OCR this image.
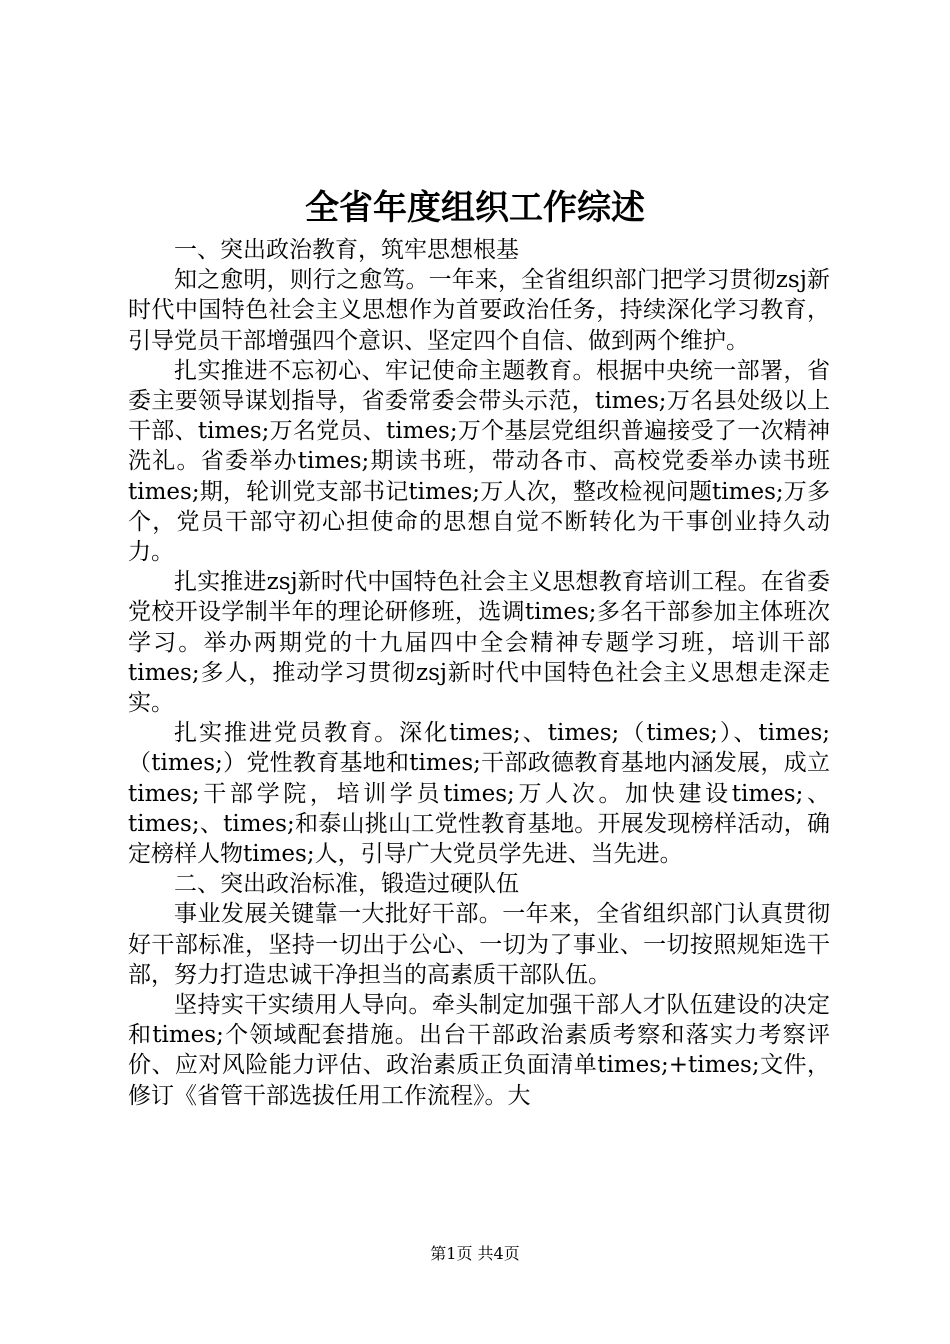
全省年度组织工作综述

一、突出政治教育，筑牢思想根基

知之愈明，则行之愈笃。一年来，全省组织部门把学习贯彻zsj新时代中国特色社会主义思想作为首要政治任务，持续深化学习教育，引导党员干部增强四个意识、坚定四个自信、做到两个维护。

扎实推进不忘初心、牢记使命主题教育。根据中央统一部署，省委主要领导谋划指导，省委常委会带头示范，times;万名县处级以上干部、times;万名党员、times;万个基层党组织普遍接受了一次精神洗礼。省委举办times;期读书班，带动各市、高校党委举办读书班times;期，轮训党支部书记times;万人次，整改检视问题times;万多个，党员干部守初心担使命的思想自觉不断转化为干事创业持久动力。

扎实推进zsj新时代中国特色社会主义思想教育培训工程。在省委党校开设学制半年的理论研修班，选调times;多名干部参加主体班次学习。举办两期党的十九届四中全会精神专题学习班，培训干部times;多人，推动学习贯彻zsj新时代中国特色社会主义思想走深走实。

扎实推进党员教育。深化times;、times;（times;）、times;（times;）党性教育基地和times;干部政德教育基地内涵发展，成立times;干部学院，培训学员times;万人次。加快建设times;、times;、times;和泰山挑山工党性教育基地。开展发现榜样活动，确定榜样人物times;人，引导广大党员学先进、当先进。

二、突出政治标准，锻造过硬队伍

事业发展关键靠一大批好干部。一年来，全省组织部门认真贯彻好干部标准，坚持一切出于公心、一切为了事业、一切按照规矩选干部，努力打造忠诚干净担当的高素质干部队伍。

坚持实干实绩用人导向。牵头制定加强干部人才队伍建设的决定和times;个领域配套措施。出台干部政治素质考察和落实力考察评价、应对风险能力评估、政治素质正负面清单times;+times;文件，修订《省管干部选拔任用工作流程》。大

第1页 共4页
